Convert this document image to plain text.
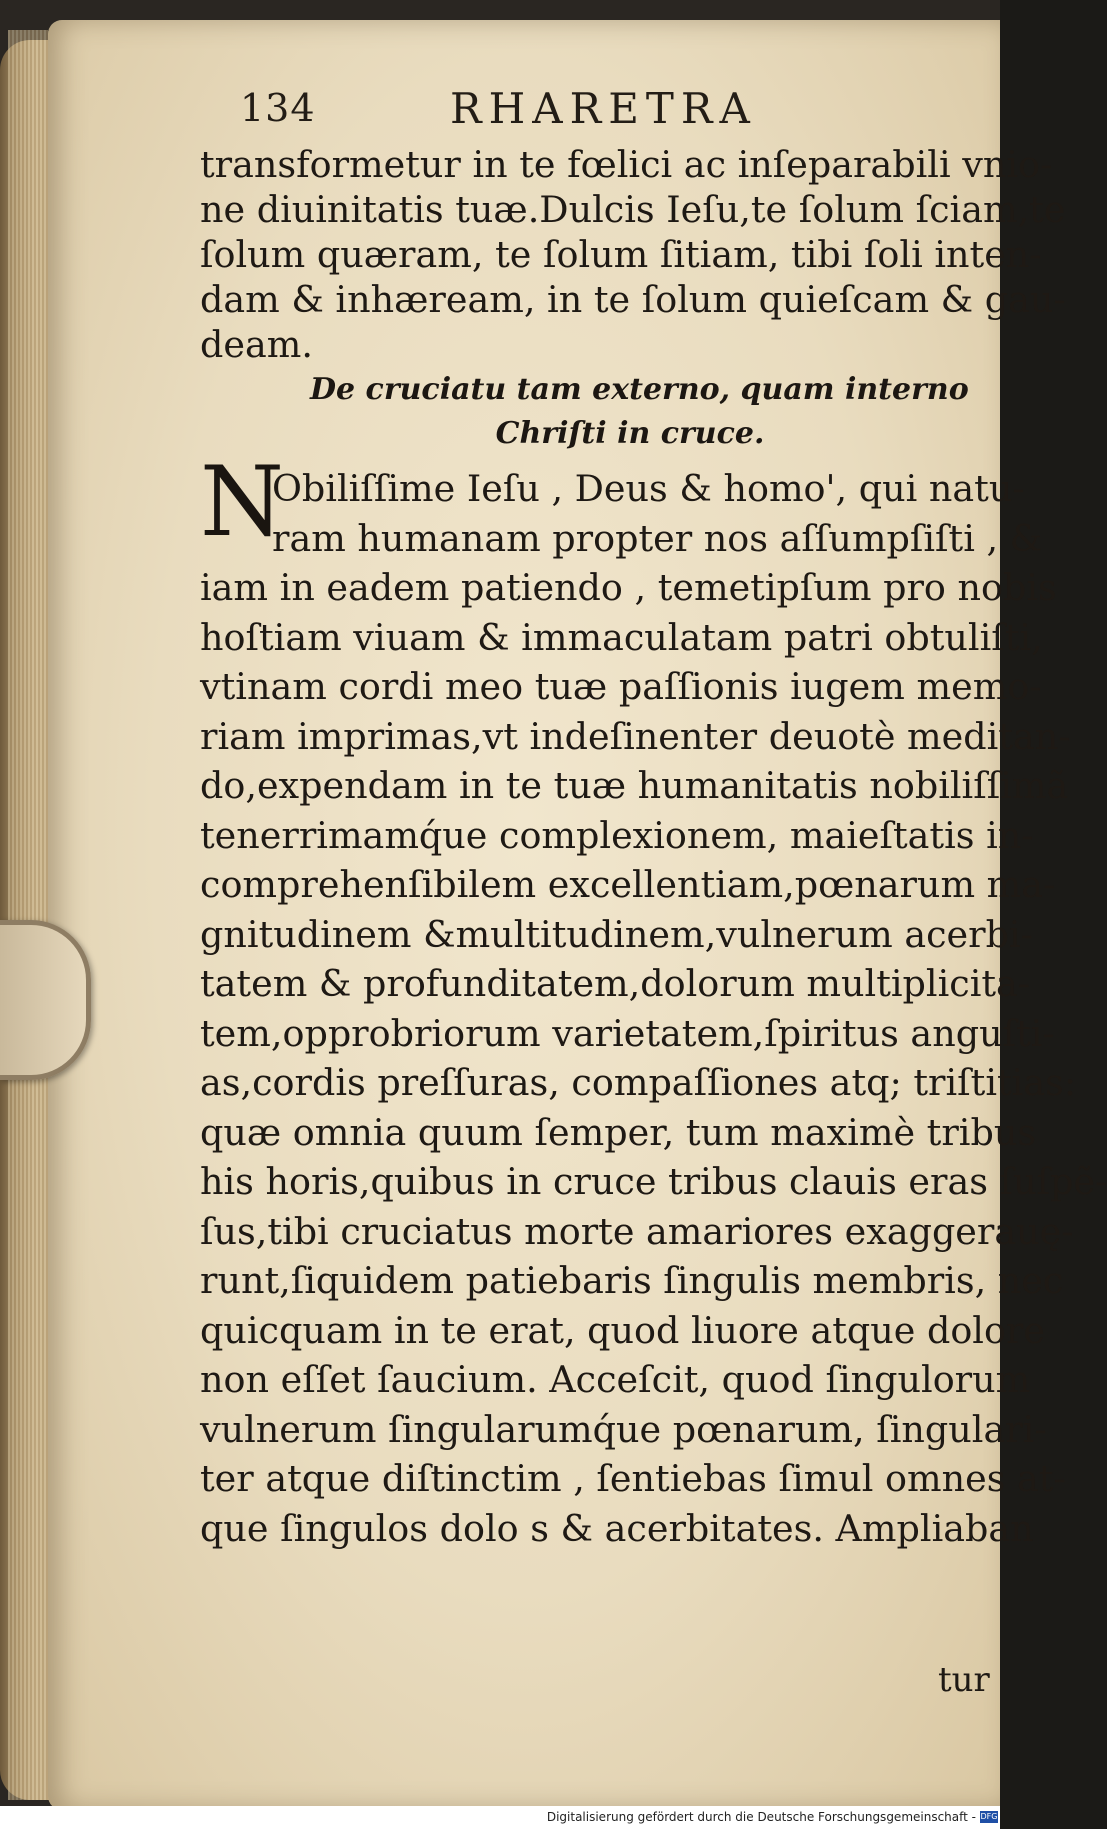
134	RHARETRA
transformetur in te fœlici ac inſeparabili vnio-
ne diuinitatis tuæ.Dulcis Ieſu,te ſolum ſciam,te
ſolum quæram, te ſolum ſitiam, tibi ſoli inten-
dam & inhæream, in te ſolum quieſcam & gau-
deam.
De cruciatu tam externo, quam interno
Chriſti in cruce.
N
Obiliſſime Ieſu , Deus & homo', qui natu-
ram humanam propter nos aſſumpſiſti , &
iam in eadem patiendo , temetipſum pro nobis
hoſtiam viuam & immaculatam patri obtuliſti,
vtinam cordi meo tuæ paſſionis iugem memo-
riam imprimas,vt indeſinenter deuotè meditan-
do,expendam in te tuæ humanitatis nobiliſſimã
tenerrimamq́ue complexionem, maieſtatis in-
comprehenſibilem excellentiam,pœnarum ma-
gnitudinem &multitudinem,vulnerum acerbi-
tatem & profunditatem,dolorum multiplicita-
tem,opprobriorum varietatem,ſpiritus anguſti-
as,cordis preſſuras, compaſſiones atq; triſtitias:
quæ omnia quum ſemper, tum maximè tribus
his horis,quibus in cruce tribus clauis eras ſuſpẽ-
ſus,tibi cruciatus morte amariores exaggerauę-
runt,ſiquidem patiebaris ſingulis membris, nec
quicquam in te erat, quod liuore atque dolore
non eſſet ſaucium. Acceſcit, quod ſingulorum
vulnerum ſingularumq́ue pœnarum, ſingulari-
ter atque diſtinctim , ſentiebas ſimul omnes at-
que ſingulos dolo s & acerbitates. Ampliaban
tur
Digitalisierung gefördert durch die Deutsche Forschungsgemeinschaft - DFG
